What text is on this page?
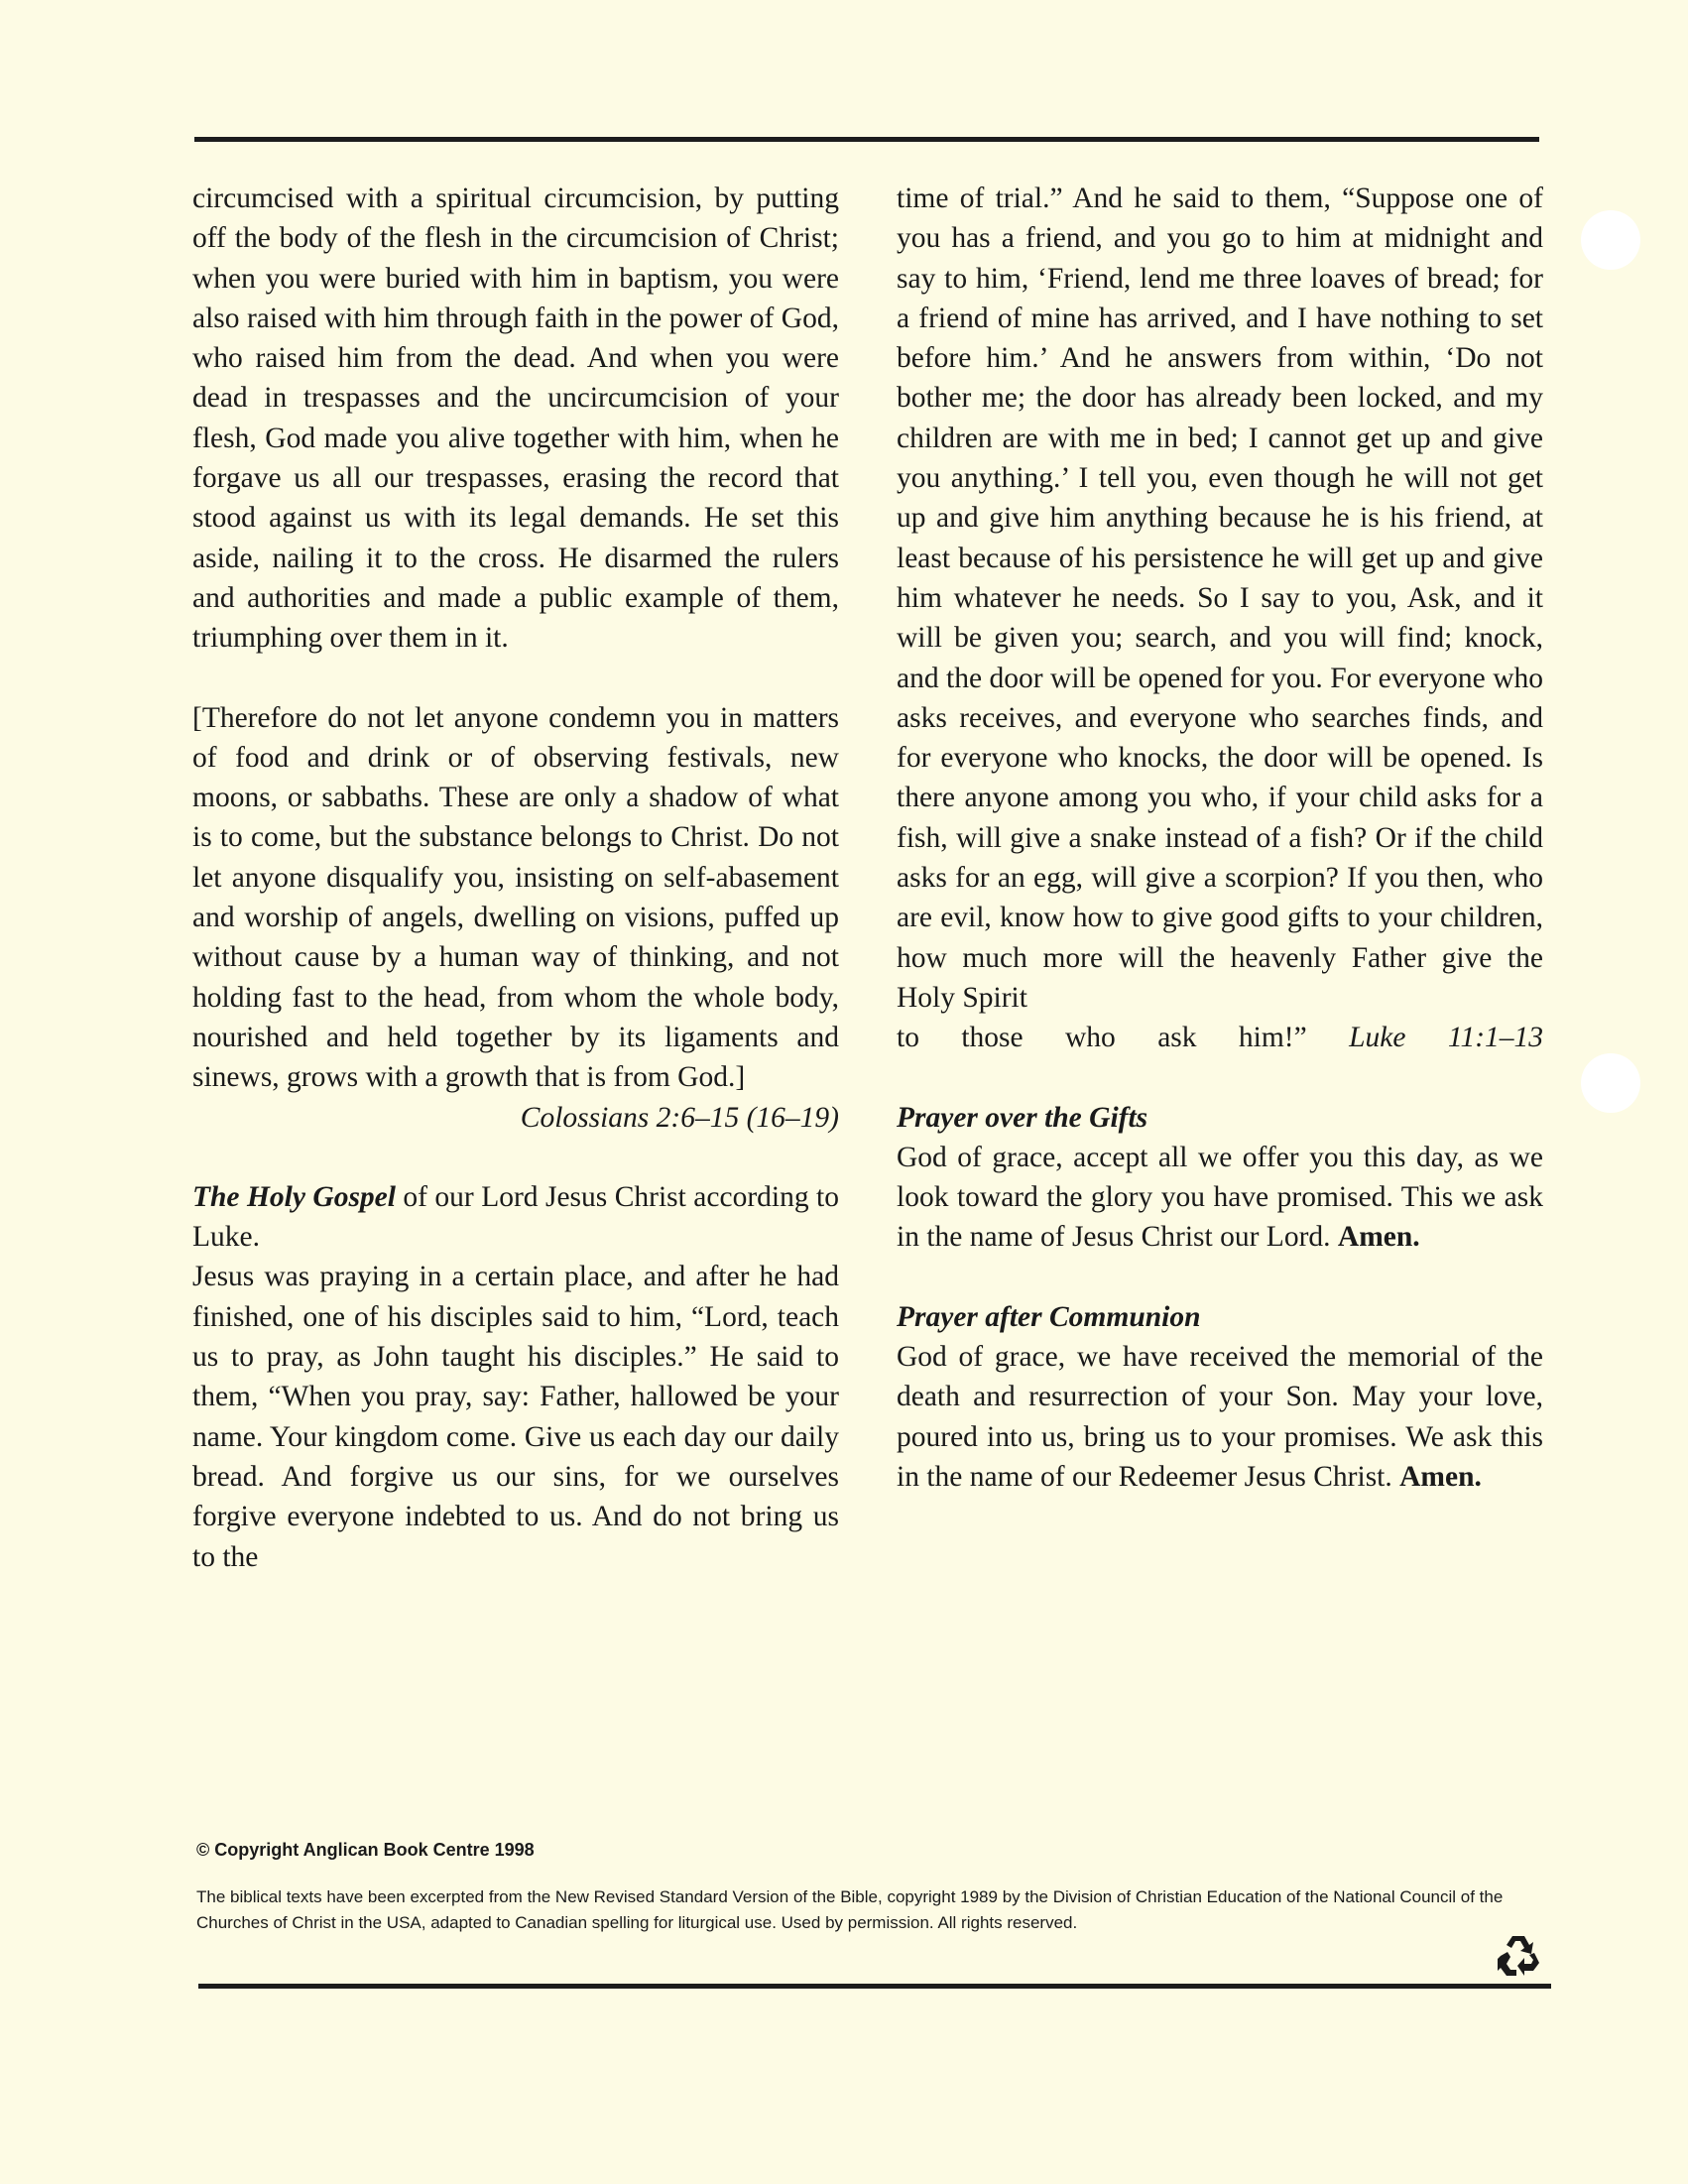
circumcised with a spiritual circumcision, by putting off the body of the flesh in the circumcision of Christ; when you were buried with him in baptism, you were also raised with him through faith in the power of God, who raised him from the dead. And when you were dead in trespasses and the uncircumcision of your flesh, God made you alive together with him, when he forgave us all our trespasses, erasing the record that stood against us with its legal demands. He set this aside, nailing it to the cross. He disarmed the rulers and authorities and made a public example of them, triumphing over them in it.

[Therefore do not let anyone condemn you in matters of food and drink or of observing festivals, new moons, or sabbaths. These are only a shadow of what is to come, but the substance belongs to Christ. Do not let anyone disqualify you, insisting on self-abasement and worship of angels, dwelling on visions, puffed up without cause by a human way of thinking, and not holding fast to the head, from whom the whole body, nourished and held together by its ligaments and sinews, grows with a growth that is from God.]

Colossians 2:6–15 (16–19)

The Holy Gospel of our Lord Jesus Christ according to Luke.

Jesus was praying in a certain place, and after he had finished, one of his disciples said to him, “Lord, teach us to pray, as John taught his disciples.” He said to them, “When you pray, say: Father, hallowed be your name. Your kingdom come. Give us each day our daily bread. And forgive us our sins, for we ourselves forgive everyone indebted to us. And do not bring us to the

time of trial.” And he said to them, “Suppose one of you has a friend, and you go to him at midnight and say to him, ‘Friend, lend me three loaves of bread; for a friend of mine has arrived, and I have nothing to set before him.’ And he answers from within, ‘Do not bother me; the door has already been locked, and my children are with me in bed; I cannot get up and give you anything.’ I tell you, even though he will not get up and give him anything because he is his friend, at least because of his persistence he will get up and give him whatever he needs. So I say to you, Ask, and it will be given you; search, and you will find; knock, and the door will be opened for you. For everyone who asks receives, and everyone who searches finds, and for everyone who knocks, the door will be opened. Is there anyone among you who, if your child asks for a fish, will give a snake instead of a fish? Or if the child asks for an egg, will give a scorpion? If you then, who are evil, know how to give good gifts to your children, how much more will the heavenly Father give the Holy Spirit

to those who ask him!” Luke 11:1–13

Prayer over the Gifts

God of grace, accept all we offer you this day, as we look toward the glory you have promised. This we ask in the name of Jesus Christ our Lord. Amen.

Prayer after Communion

God of grace, we have received the memorial of the death and resurrection of your Son. May your love, poured into us, bring us to your promises. We ask this in the name of our Redeemer Jesus Christ. Amen.

© Copyright Anglican Book Centre 1998
The biblical texts have been excerpted from the New Revised Standard Version of the Bible, copyright 1989 by the Division of Christian Education of the National Council of the Churches of Christ in the USA, adapted to Canadian spelling for liturgical use. Used by permission. All rights reserved.
